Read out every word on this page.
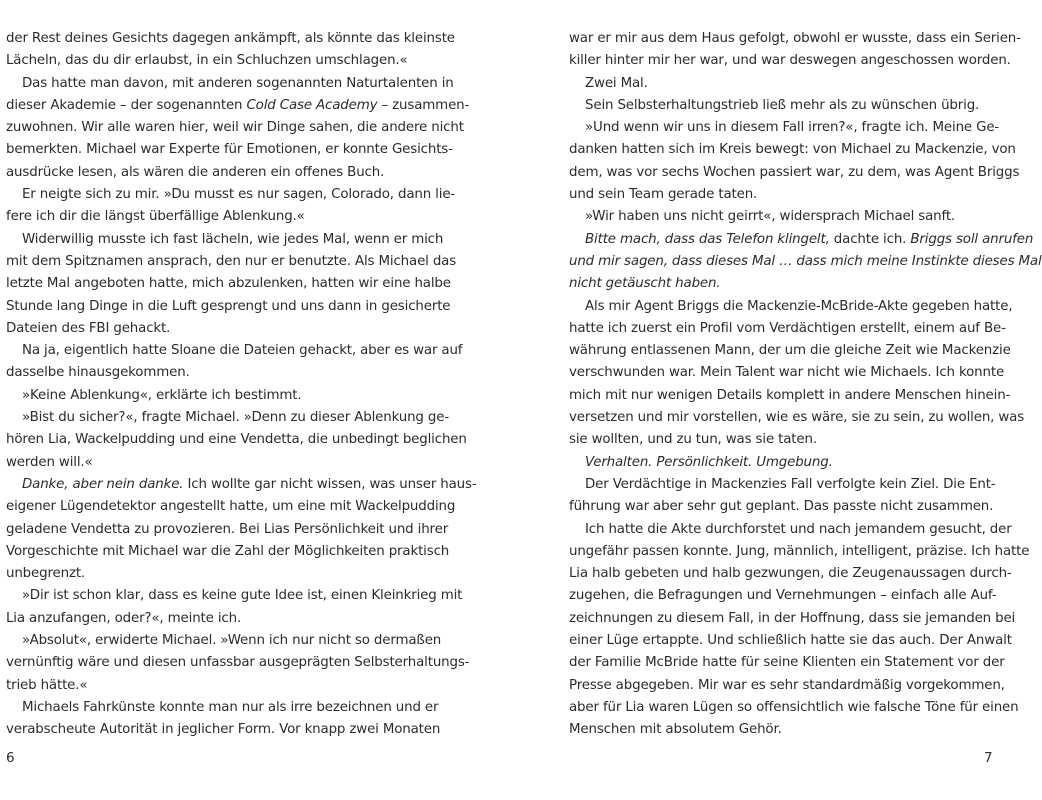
der Rest deines Gesichts dagegen ankämpft, als könnte das kleinste
Lächeln, das du dir erlaubst, in ein Schluchzen umschlagen.«
Das hatte man davon, mit anderen sogenannten Naturtalenten in
dieser Akademie – der sogenannten Cold Case Academy – zusammen-
zuwohnen. Wir alle waren hier, weil wir Dinge sahen, die andere nicht
bemerkten. Michael war Experte für Emotionen, er konnte Gesichts-
ausdrücke lesen, als wären die anderen ein offenes Buch.
Er neigte sich zu mir. »Du musst es nur sagen, Colorado, dann lie-
fere ich dir die längst überfällige Ablenkung.«
Widerwillig musste ich fast lächeln, wie jedes Mal, wenn er mich
mit dem Spitznamen ansprach, den nur er benutzte. Als Michael das
letzte Mal angeboten hatte, mich abzulenken, hatten wir eine halbe
Stunde lang Dinge in die Luft gesprengt und uns dann in gesicherte
Dateien des FBI gehackt.
Na ja, eigentlich hatte Sloane die Dateien gehackt, aber es war auf
dasselbe hinausgekommen.
»Keine Ablenkung«, erklärte ich bestimmt.
»Bist du sicher?«, fragte Michael. »Denn zu dieser Ablenkung ge-
hören Lia, Wackelpudding und eine Vendetta, die unbedingt beglichen
werden will.«
Danke, aber nein danke. Ich wollte gar nicht wissen, was unser haus-
eigener Lügendetektor angestellt hatte, um eine mit Wackelpudding
geladene Vendetta zu provozieren. Bei Lias Persönlichkeit und ihrer
Vorgeschichte mit Michael war die Zahl der Möglichkeiten praktisch
unbegrenzt.
»Dir ist schon klar, dass es keine gute Idee ist, einen Kleinkrieg mit
Lia anzufangen, oder?«, meinte ich.
»Absolut«, erwiderte Michael. »Wenn ich nur nicht so dermaßen
vernünftig wäre und diesen unfassbar ausgeprägten Selbsterhaltungs-
trieb hätte.«
Michaels Fahrkünste konnte man nur als irre bezeichnen und er
verabscheute Autorität in jeglicher Form. Vor knapp zwei Monaten
war er mir aus dem Haus gefolgt, obwohl er wusste, dass ein Serien-
killer hinter mir her war, und war deswegen angeschossen worden.
Zwei Mal.
Sein Selbsterhaltungstrieb ließ mehr als zu wünschen übrig.
»Und wenn wir uns in diesem Fall irren?«, fragte ich. Meine Ge-
danken hatten sich im Kreis bewegt: von Michael zu Mackenzie, von
dem, was vor sechs Wochen passiert war, zu dem, was Agent Briggs
und sein Team gerade taten.
»Wir haben uns nicht geirrt«, widersprach Michael sanft.
Bitte mach, dass das Telefon klingelt, dachte ich. Briggs soll anrufen
und mir sagen, dass dieses Mal … dass mich meine Instinkte dieses Mal
nicht getäuscht haben.
Als mir Agent Briggs die Mackenzie-McBride-Akte gegeben hatte,
hatte ich zuerst ein Profil vom Verdächtigen erstellt, einem auf Be-
währung entlassenen Mann, der um die gleiche Zeit wie Mackenzie
verschwunden war. Mein Talent war nicht wie Michaels. Ich konnte
mich mit nur wenigen Details komplett in andere Menschen hinein-
versetzen und mir vorstellen, wie es wäre, sie zu sein, zu wollen, was
sie wollten, und zu tun, was sie taten.
Verhalten. Persönlichkeit. Umgebung.
Der Verdächtige in Mackenzies Fall verfolgte kein Ziel. Die Ent-
führung war aber sehr gut geplant. Das passte nicht zusammen.
Ich hatte die Akte durchforstet und nach jemandem gesucht, der
ungefähr passen konnte. Jung, männlich, intelligent, präzise. Ich hatte
Lia halb gebeten und halb gezwungen, die Zeugenaussagen durch-
zugehen, die Befragungen und Vernehmungen – einfach alle Auf-
zeichnungen zu diesem Fall, in der Hoffnung, dass sie jemanden bei
einer Lüge ertappte. Und schließlich hatte sie das auch. Der Anwalt
der Familie McBride hatte für seine Klienten ein Statement vor der
Presse abgegeben. Mir war es sehr standardmäßig vorgekommen,
aber für Lia waren Lügen so offensichtlich wie falsche Töne für einen
Menschen mit absolutem Gehör.
6	7
